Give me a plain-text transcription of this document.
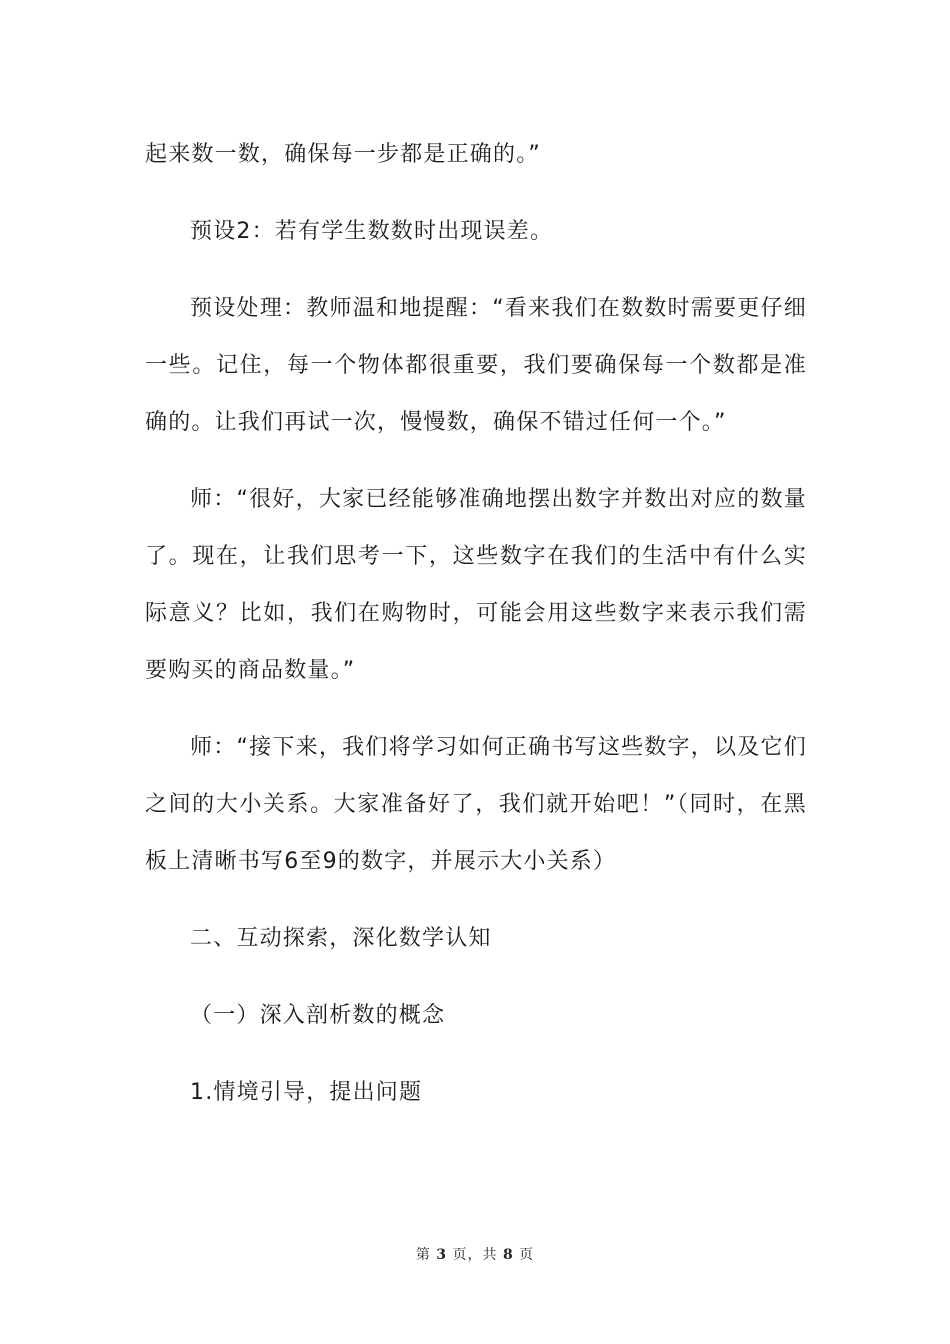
起来数一数，确保每一步都是正确的。”

预设2：若有学生数数时出现误差。

预设处理：教师温和地提醒：“看来我们在数数时需要更仔细一些。记住，每一个物体都很重要，我们要确保每一个数都是准确的。让我们再试一次，慢慢数，确保不错过任何一个。”

师：“很好，大家已经能够准确地摆出数字并数出对应的数量了。现在，让我们思考一下，这些数字在我们的生活中有什么实际意义？比如，我们在购物时，可能会用这些数字来表示我们需要购买的商品数量。”

师：“接下来，我们将学习如何正确书写这些数字，以及它们之间的大小关系。大家准备好了，我们就开始吧！”（同时，在黑板上清晰书写6至9的数字，并展示大小关系）

二、互动探索，深化数学认知

（一）深入剖析数的概念

1.情境引导，提出问题

第 3 页，共 8 页
